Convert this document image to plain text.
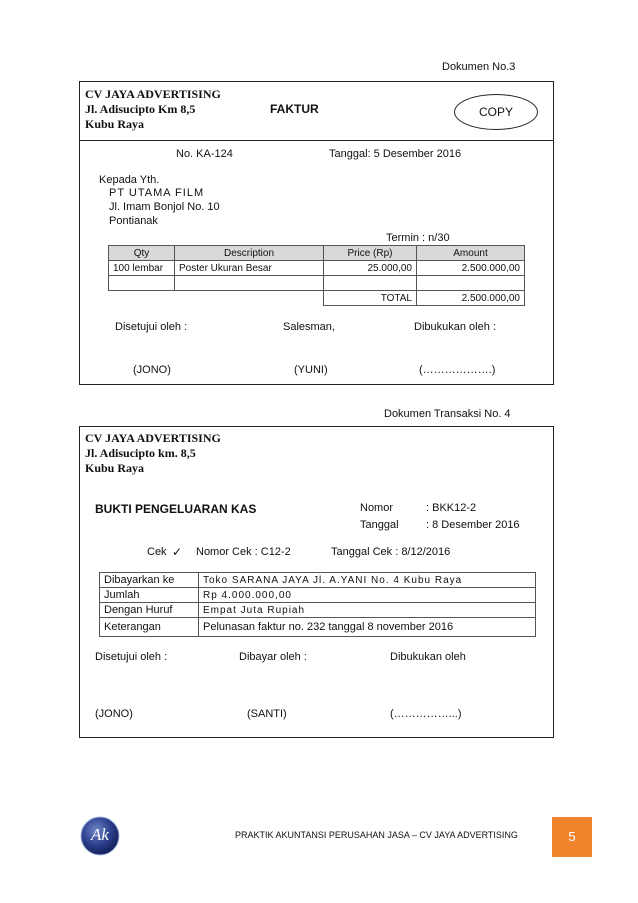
Dokumen No.3
CV JAYA ADVERTISING
Jl. Adisucipto Km 8,5
Kubu Raya
FAKTUR	COPY
No. KA-124	Tanggal: 5 Desember 2016
Kepada Yth.
PT UTAMA FILM
Jl. Imam Bonjol No. 10
Pontianak
Termin : n/30
Qty	Description	Price (Rp)	Amount
100 lembar	Poster Ukuran Besar	25.000,00	2.500.000,00

		TOTAL	2.500.000,00
Disetujui oleh :	Salesman,	Dibukukan oleh :
(JONO)	(YUNI)	(……………….)
Dokumen Transaksi No. 4
CV JAYA ADVERTISING
Jl. Adisucipto km. 8,5
Kubu Raya
BUKTI PENGELUARAN KAS	Nomor	: BKK12-2
Tanggal : 8 Desember 2016
Cek ✓ Nomor Cek : C12-2	Tanggal Cek : 8/12/2016
Dibayarkan ke	Toko SARANA JAYA Jl. A.YANI No. 4 Kubu Raya
Jumlah	Rp 4.000.000,00
Dengan Huruf	Empat Juta Rupiah
Keterangan	Pelunasan faktur no. 232 tanggal 8 november 2016
Disetujui oleh :	Dibayar oleh :	Dibukukan oleh
(JONO)	(SANTI)	(……………...)
Ak	PRAKTIK AKUNTANSI PERUSAHAN JASA – CV JAYA ADVERTISING	5
